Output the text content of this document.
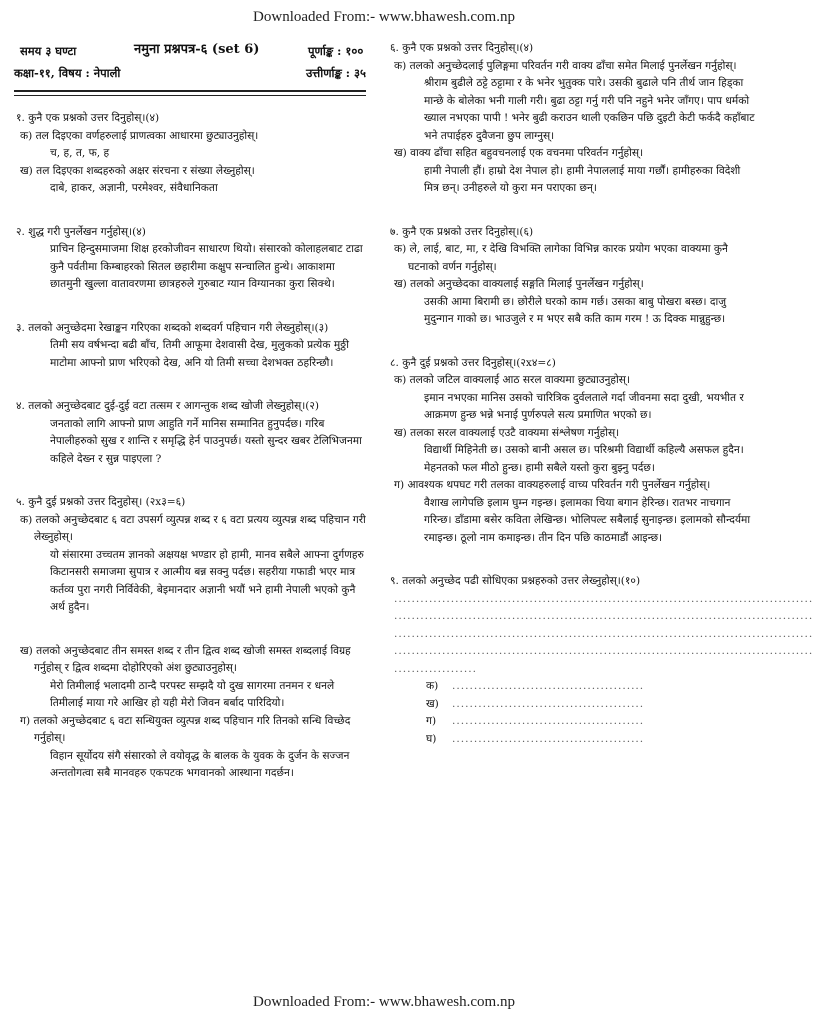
Downloaded From:- www.bhawesh.com.np
समय ३ घण्टा	नमुना प्रश्नपत्र-६ (set 6)	पूर्णाङ्क : १००
कक्षा-११, विषय : नेपाली	उत्तीर्णाङ्क : ३५
१. कुनै एक प्रश्नको उत्तर दिनुहोस्।(४)
क) तल दिइएका वर्णहरुलाई प्राणत्वका आधारमा छुट्याउनुहोस्।
च, ह, त, फ, ह
ख) तल दिइएका शब्दहरुको अक्षर संरचना र संख्या लेख्नुहोस्।
दाबे, हाकर, अज्ञानी, परमेश्वर, संवैधानिकता
२. शुद्ध गरी पुनर्लेखन गर्नुहोस्।(४)
प्राचिन हिन्दुसमाजमा शिक्ष हरकोजीवन साधारण थियो। संसारको कोलाहलबाट टाढा कुनै पर्वतीमा किम्बाहरको सितल छहारीमा कक्षुप सन्चालित हुन्थे। आकाशमा छातमुनी खुल्ला वातावरणमा छात्रहरुले गुरुबाट ग्यान विग्यानका कुरा सिक्थे।
३. तलको अनुच्छेदमा रेखाङ्कन गरिएका शब्दको शब्दवर्ग पहिचान गरी लेख्नुहोस्।(३)
तिमी सय वर्षभन्दा बढी बाँच, तिमी आफूमा देशवासी देख, मुलुकको प्रत्येक मुठ्ठी माटोमा आफ्नो प्राण भरिएको देख, अनि यो तिमी सच्चा देशभक्त ठहरिन्छौ।
४. तलको अनुच्छेदबाट दुई-दुई वटा तत्सम र आगन्तुक शब्द खोजी लेख्नुहोस्।(२)
जनताको लागि आफ्नो प्राण आहुति गर्ने मानिस सम्मानित हुनुपर्दछ। गरिब नेपालीहरुको सुख र शान्ति र समृद्धि हेर्न पाउनुपर्छ। यस्तो सुन्दर खबर टेलिभिजनमा कहिले देख्न र सुन्न पाइएला ?
५. कुनै दुई प्रश्नको उत्तर दिनुहोस्। (२x३=६)
क) तलको अनुच्छेदबाट ६ वटा उपसर्ग व्युत्पन्न शब्द र ६ वटा प्रत्यय व्युत्पन्न शब्द पहिचान गरी लेख्नुहोस्।
यो संसारमा उच्चतम ज्ञानको अक्षयक्ष भण्डार हो हामी, मानव सबैले आफ्ना दुर्गणहरु किटानसरी समाजमा सुपात्र र आत्मीय बन्न सक्नु पर्दछ। सहरीया गफाडी भएर मात्र कर्तव्य पुरा नगरी निर्विवेकी, बेइमानदार अज्ञानी भयौं भने हामी नेपाली भएको कुनै अर्थ हुदैन।
ख) तलको अनुच्छेदबाट तीन समस्त शब्द र तीन द्वित्व शब्द खोजी समस्त शब्दलाई विग्रह गर्नुहोस् र द्वित्व शब्दमा दोहोरिएको अंश छुट्याउनुहोस्।
मेरो तिमीलाई भलादमी ठान्दै परपस्ट सम्झदै यो दुख सागरमा तनमन र धनले तिमीलाई माया गरे आखिर हो यही मेरो जिवन बर्बाद पारिदियो।
ग) तलको अनुच्छेदबाट ६ वटा सन्धियुक्त व्युत्पन्न शब्द पहिचान गरि तिनको सन्धि विच्छेद गर्नुहोस्।
विहान सूर्योदय संगै संसारको ले वयोवृद्ध के बालक के युवक के दुर्जन के सज्जन अन्ततोगत्वा सबै मानवहरु एकपटक भगवानको आस्थाना गदर्छन।
६. कुनै एक प्रश्नको उत्तर दिनुहोस्।(४)
क) तलको अनुच्छेदलाई पुलिङ्गमा परिवर्तन गरी वाक्य ढाँचा समेत मिलाई पुनर्लेखन गर्नुहोस्।
श्रीराम बुढीले ठट्टे ठट्टामा र के भनेर भुतुक्क पारे। उसकी बुढाले पनि तीर्थ जान हिड्का मान्छे के बोलेका भनी गाली गरी। बुढा ठट्टा गर्नु गरी पनि नहुने भनेर जाँगए। पाप धर्मको ख्याल नभएका पापी ! भनेर बुढी कराउन थाली एकछिन पछि दुइटी केटी फर्कदै कहाँबाट भने तपाईहरु दुवैजना छुप लाग्नुस्।
ख) वाक्य ढाँचा सहित बहुवचनलाई एक वचनमा परिवर्तन गर्नुहोस्।
हामी नेपाली हौं। हाम्रो देश नेपाल हो। हामी नेपाललाई माया गर्छौं। हामीहरुका विदेशी मित्र छन्। उनीहरुले यो कुरा मन पराएका छन्।
७. कुनै एक प्रश्नको उत्तर दिनुहोस्।(६)
क) ले, लाई, बाट, मा, र देखि विभक्ति लागेका विभिन्न कारक प्रयोग भएका वाक्यमा कुनै घटनाको वर्णन गर्नुहोस्।
ख) तलको अनुच्छेदका वाक्यलाई सङ्गति मिलाई पुनर्लेखन गर्नुहोस्।
उसकी आमा बिरामी छ। छोरीले घरको काम गर्छ। उसका बाबु पोखरा बस्छ। दाजु मुदुन्गान गाको छ। भाउजुले र म भएर सबै कति काम गरम ! ऊ दिक्क मान्नुहुन्छ।
८. कुनै दुई प्रश्नको उत्तर दिनुहोस्।(२x४=८)
क) तलको जटिल वाक्यलाई आठ सरल वाक्यमा छुट्याउनुहोस्।
इमान नभएका मानिस उसको चारित्रिक दुर्वलताले गर्दा जीवनमा सदा दुखी, भयभीत र आक्रमण हुन्छ भन्ने भनाई पुर्णरुपले सत्य प्रमाणित भएको छ।
ख) तलका सरल वाक्यलाई एउटै वाक्यमा संश्लेषण गर्नुहोस्।
विद्यार्थी मिहिनेती छ। उसको बानी असल छ। परिश्रमी विद्यार्थी कहिल्यै असफल हुदैन। मेहनतको फल मीठो हुन्छ। हामी सबैले यस्तो कुरा बुझ्नु पर्दछ।
ग) आवश्यक थपघट गरी तलका वाक्यहरुलाई वाच्य परिवर्तन गरी पुनर्लेखन गर्नुहोस्।
वैशाख लागेपछि इलाम घुम्न गइन्छ। इलामका चिया बगान हेरिन्छ। रातभर नाचगान गरिन्छ। डाँडामा बसेर कविता लेखिन्छ। भोलिपल्ट सबैलाई सुनाइन्छ। इलामको सौन्दर्यमा रमाइन्छ। ठूलो नाम कमाइन्छ। तीन दिन पछि काठमाडौं आइन्छ।
९. तलको अनुच्छेद पढी सोधिएका प्रश्नहरुको उत्तर लेख्नुहोस्।(१०)
................................................................................................
................................................................................................
................................................................................................
................................................................................................
...................
क) ............................................
ख) ............................................
ग) ............................................
घ) ............................................
Downloaded From:- www.bhawesh.com.np
